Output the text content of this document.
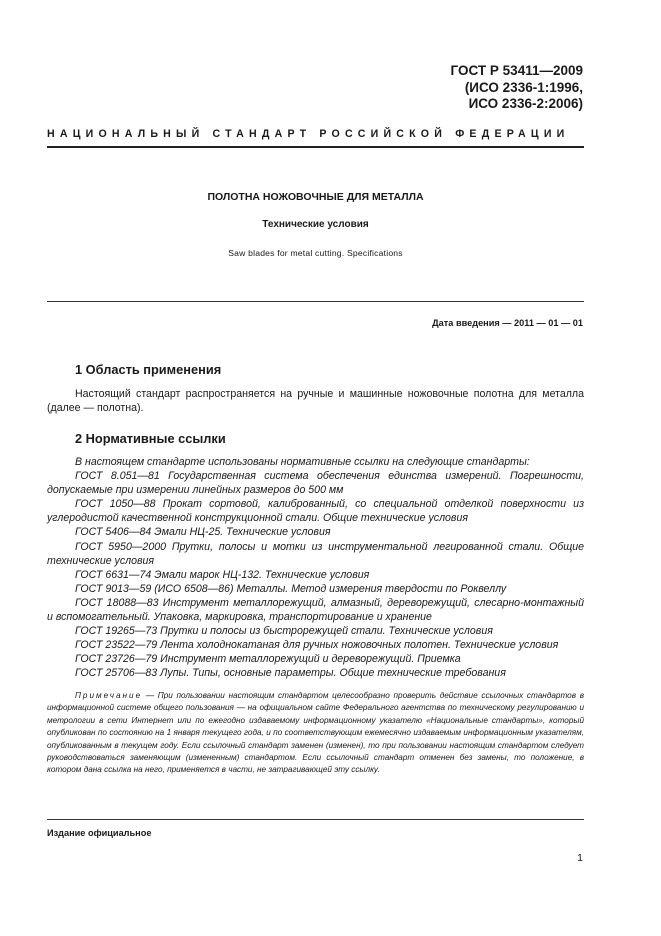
ГОСТ Р 53411—2009
(ИСО 2336-1:1996,
ИСО 2336-2:2006)
НАЦИОНАЛЬНЫЙ СТАНДАРТ РОССИЙСКОЙ ФЕДЕРАЦИИ
ПОЛОТНА НОЖОВОЧНЫЕ ДЛЯ МЕТАЛЛА
Технические условия
Saw blades for metal cutting. Specifications
Дата введения — 2011 — 01 — 01
1 Область применения
Настоящий стандарт распространяется на ручные и машинные ножовочные полотна для металла (далее — полотна).
2 Нормативные ссылки
В настоящем стандарте использованы нормативные ссылки на следующие стандарты:
ГОСТ 8.051—81 Государственная система обеспечения единства измерений. Погрешности, допускаемые при измерении линейных размеров до 500 мм
ГОСТ 1050—88 Прокат сортовой, калиброванный, со специальной отделкой поверхности из углеродистой качественной конструкционной стали. Общие технические условия
ГОСТ 5406—84 Эмали НЦ-25. Технические условия
ГОСТ 5950—2000 Прутки, полосы и мотки из инструментальной легированной стали. Общие технические условия
ГОСТ 6631—74 Эмали марок НЦ-132. Технические условия
ГОСТ 9013—59 (ИСО 6508—86) Металлы. Метод измерения твердости по Роквеллу
ГОСТ 18088—83 Инструмент металлорежущий, алмазный, дереворежущий, слесарно-монтажный и вспомогательный. Упаковка, маркировка, транспортирование и хранение
ГОСТ 19265—73 Прутки и полосы из быстрорежущей стали. Технические условия
ГОСТ 23522—79 Лента холоднокатаная для ручных ножовочных полотен. Технические условия
ГОСТ 23726—79 Инструмент металлорежущий и дереворежущий. Приемка
ГОСТ 25706—83 Лупы. Типы, основные параметры. Общие технические требования
Примечание — При пользовании настоящим стандартом целесообразно проверить действие ссылочных стандартов в информационной системе общего пользования — на официальном сайте Федерального агентства по техническому регулированию и метрологии в сети Интернет или по ежегодно издаваемому информационному указателю «Национальные стандарты», который опубликован по состоянию на 1 января текущего года, и по соответствующим ежемесячно издаваемым информационным указателям, опубликованным в текущем году. Если ссылочный стандарт заменен (изменен), то при пользовании настоящим стандартом следует руководствоваться заменяющим (измененным) стандартом. Если ссылочный стандарт отменен без замены, то положение, в котором дана ссылка на него, применяется в части, не затрагивающей эту ссылку.
Издание официальное
1
